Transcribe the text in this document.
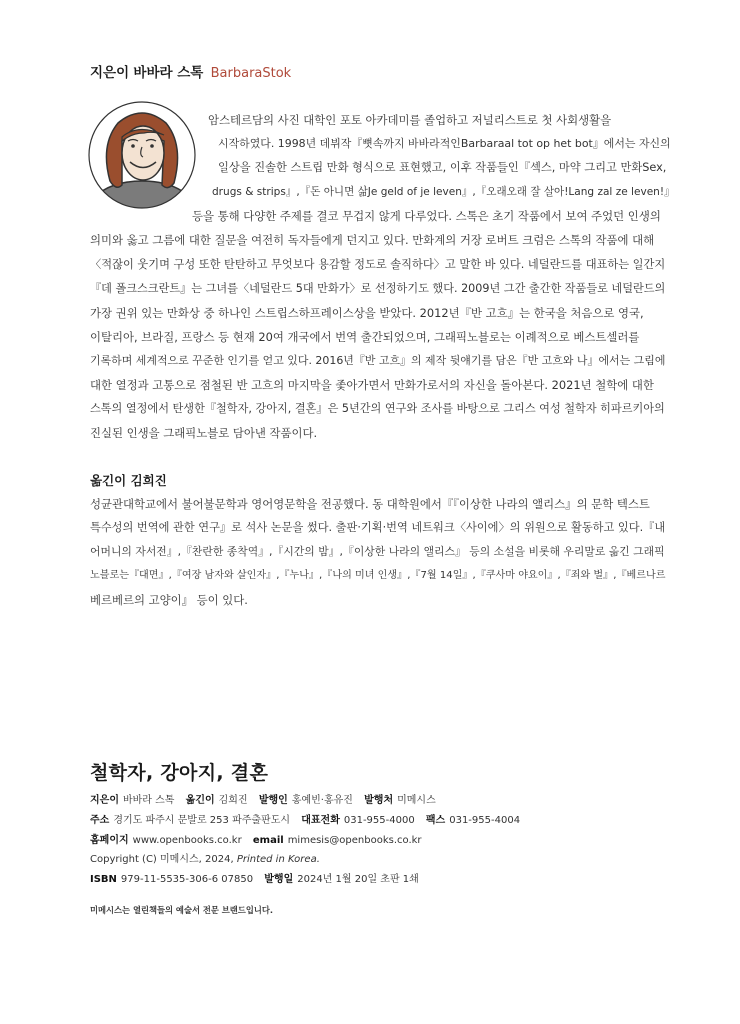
지은이 바바라 스톡 BarbaraStok
암스테르담의 사진 대학인 포토 아카데미를 졸업하고 저널리스트로 첫 사회생활을
시작하였다. 1998년 데뷔작『뼛속까지 바바라적인Barbaraal tot op het bot』에서는 자신의
일상을 진솔한 스트립 만화 형식으로 표현했고, 이후 작품들인『섹스, 마약 그리고 만화Sex,
drugs & strips』,『돈 아니면 삶Je geld of je leven』,『오래오래 잘 살아!Lang zal ze leven!』
등을 통해 다양한 주제를 결코 무겁지 않게 다루었다. 스톡은 초기 작품에서 보여 주었던 인생의
의미와 옳고 그름에 대한 질문을 여전히 독자들에게 던지고 있다. 만화계의 거장 로버트 크럼은 스톡의 작품에 대해
〈적잖이 웃기며 구성 또한 탄탄하고 무엇보다 용감할 정도로 솔직하다〉고 말한 바 있다. 네덜란드를 대표하는 일간지
『데 폴크스크란트』는 그녀를〈네덜란드 5대 만화가〉로 선정하기도 했다. 2009년 그간 출간한 작품들로 네덜란드의
가장 권위 있는 만화상 중 하나인 스트립스하프레이스상을 받았다. 2012년『반 고흐』는 한국을 처음으로 영국,
이탈리아, 브라질, 프랑스 등 현재 20여 개국에서 번역 출간되었으며, 그래픽노블로는 이례적으로 베스트셀러를
기록하며 세계적으로 꾸준한 인기를 얻고 있다. 2016년『반 고흐』의 제작 뒷얘기를 담은『반 고흐와 나』에서는 그림에
대한 열정과 고통으로 점철된 반 고흐의 마지막을 좇아가면서 만화가로서의 자신을 돌아본다. 2021년 철학에 대한
스톡의 열정에서 탄생한『철학자, 강아지, 결혼』은 5년간의 연구와 조사를 바탕으로 그리스 여성 철학자 히파르키아의
진실된 인생을 그래픽노블로 담아낸 작품이다.
옮긴이 김희진
성균관대학교에서 불어불문학과 영어영문학을 전공했다. 동 대학원에서『『이상한 나라의 앨리스』의 문학 텍스트
특수성의 번역에 관한 연구』로 석사 논문을 썼다. 출판·기획·번역 네트워크〈사이에〉의 위원으로 활동하고 있다.『내
어머니의 자서전』,『찬란한 종착역』,『시간의 밤』,『이상한 나라의 앨리스』 등의 소설을 비롯해 우리말로 옮긴 그래픽
노블로는『대면』,『여장 남자와 살인자』,『누나』,『나의 미녀 인생』,『7월 14일』,『쿠사마 야요이』,『죄와 벌』,『베르나르
베르베르의 고양이』 등이 있다.
철학자, 강아지, 결혼
지은이 바바라 스톡 옮긴이 김희진 발행인 홍예빈·홍유진 발행처 미메시스
주소 경기도 파주시 문발로 253 파주출판도시 대표전화 031-955-4000 팩스 031-955-4004
홈페이지 www.openbooks.co.kr email mimesis@openbooks.co.kr
Copyright (C) 미메시스, 2024, Printed in Korea.
ISBN 979-11-5535-306-6 07850 발행일 2024년 1월 20일 초판 1쇄
미메시스는 열린책들의 예술서 전문 브랜드입니다.
